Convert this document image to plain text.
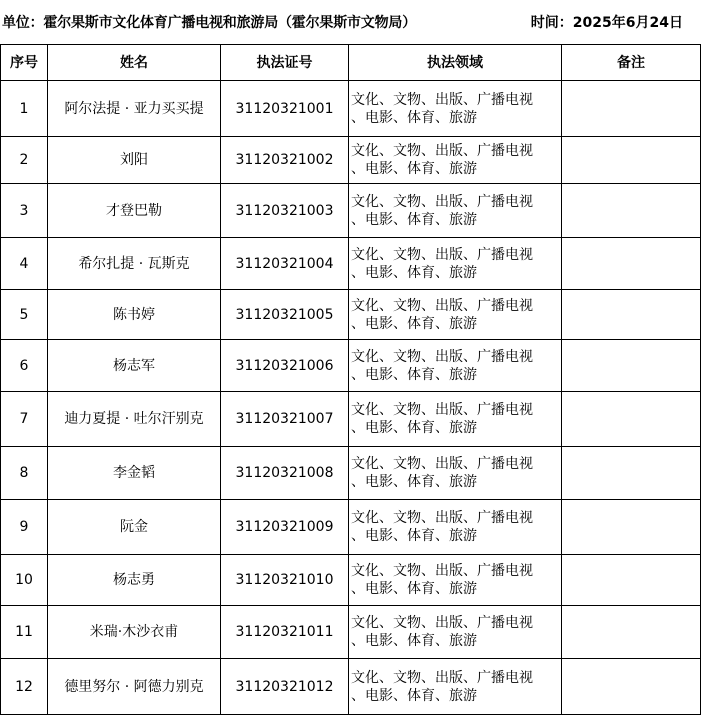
单位：霍尔果斯市文化体育广播电视和旅游局（霍尔果斯市文物局）	时间：2025年6月24日
序号	姓名	执法证号	执法领域	备注
1	阿尔法提 · 亚力买买提	31120321001	文化、文物、出版、广播电视
、电影、体育、旅游	

2	刘阳	31120321002	文化、文物、出版、广播电视
、电影、体育、旅游	

3	才登巴勒	31120321003	文化、文物、出版、广播电视
、电影、体育、旅游	

4	希尔扎提 · 瓦斯克	31120321004	文化、文物、出版、广播电视
、电影、体育、旅游	

5	陈书婷	31120321005	文化、文物、出版、广播电视
、电影、体育、旅游	

6	杨志军	31120321006	文化、文物、出版、广播电视
、电影、体育、旅游	

7	迪力夏提 · 吐尔汗别克	31120321007	文化、文物、出版、广播电视
、电影、体育、旅游	

8	李金韬	31120321008	文化、文物、出版、广播电视
、电影、体育、旅游	

9	阮金	31120321009	文化、文物、出版、广播电视
、电影、体育、旅游	

10	杨志勇	31120321010	文化、文物、出版、广播电视
、电影、体育、旅游	

11	米瑞·木沙衣甫	31120321011	文化、文物、出版、广播电视
、电影、体育、旅游	

12	德里努尔 · 阿德力别克	31120321012	文化、文物、出版、广播电视
、电影、体育、旅游	
